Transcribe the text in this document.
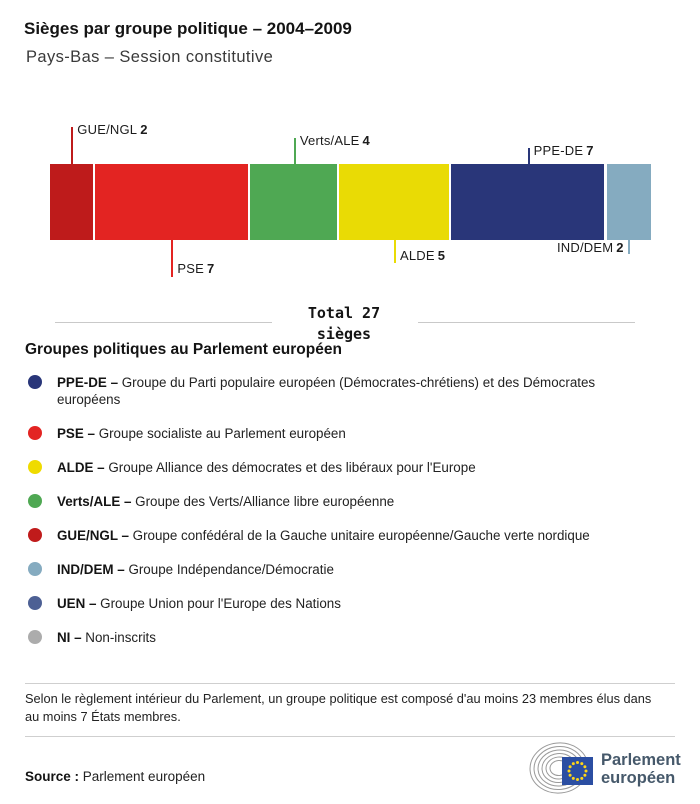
Sièges par groupe politique – 2004–2009
Pays-Bas – Session constitutive
GUE/NGL 2
PSE 7
Verts/ALE 4
ALDE 5
PPE-DE 7
IND/DEM 2
Total 27
sièges
Groupes politiques au Parlement européen
PPE-DE – Groupe du Parti populaire européen (Démocrates-chrétiens) et des Démocrates européens
PSE – Groupe socialiste au Parlement européen
ALDE – Groupe Alliance des démocrates et des libéraux pour l'Europe
Verts/ALE – Groupe des Verts/Alliance libre européenne
GUE/NGL – Groupe confédéral de la Gauche unitaire européenne/Gauche verte nordique
IND/DEM – Groupe Indépendance/Démocratie
UEN – Groupe Union pour l'Europe des Nations
NI – Non-inscrits
Selon le règlement intérieur du Parlement, un groupe politique est composé d'au moins 23 membres élus dans au moins 7 États membres.
Source : Parlement européen
Parlement
européen
